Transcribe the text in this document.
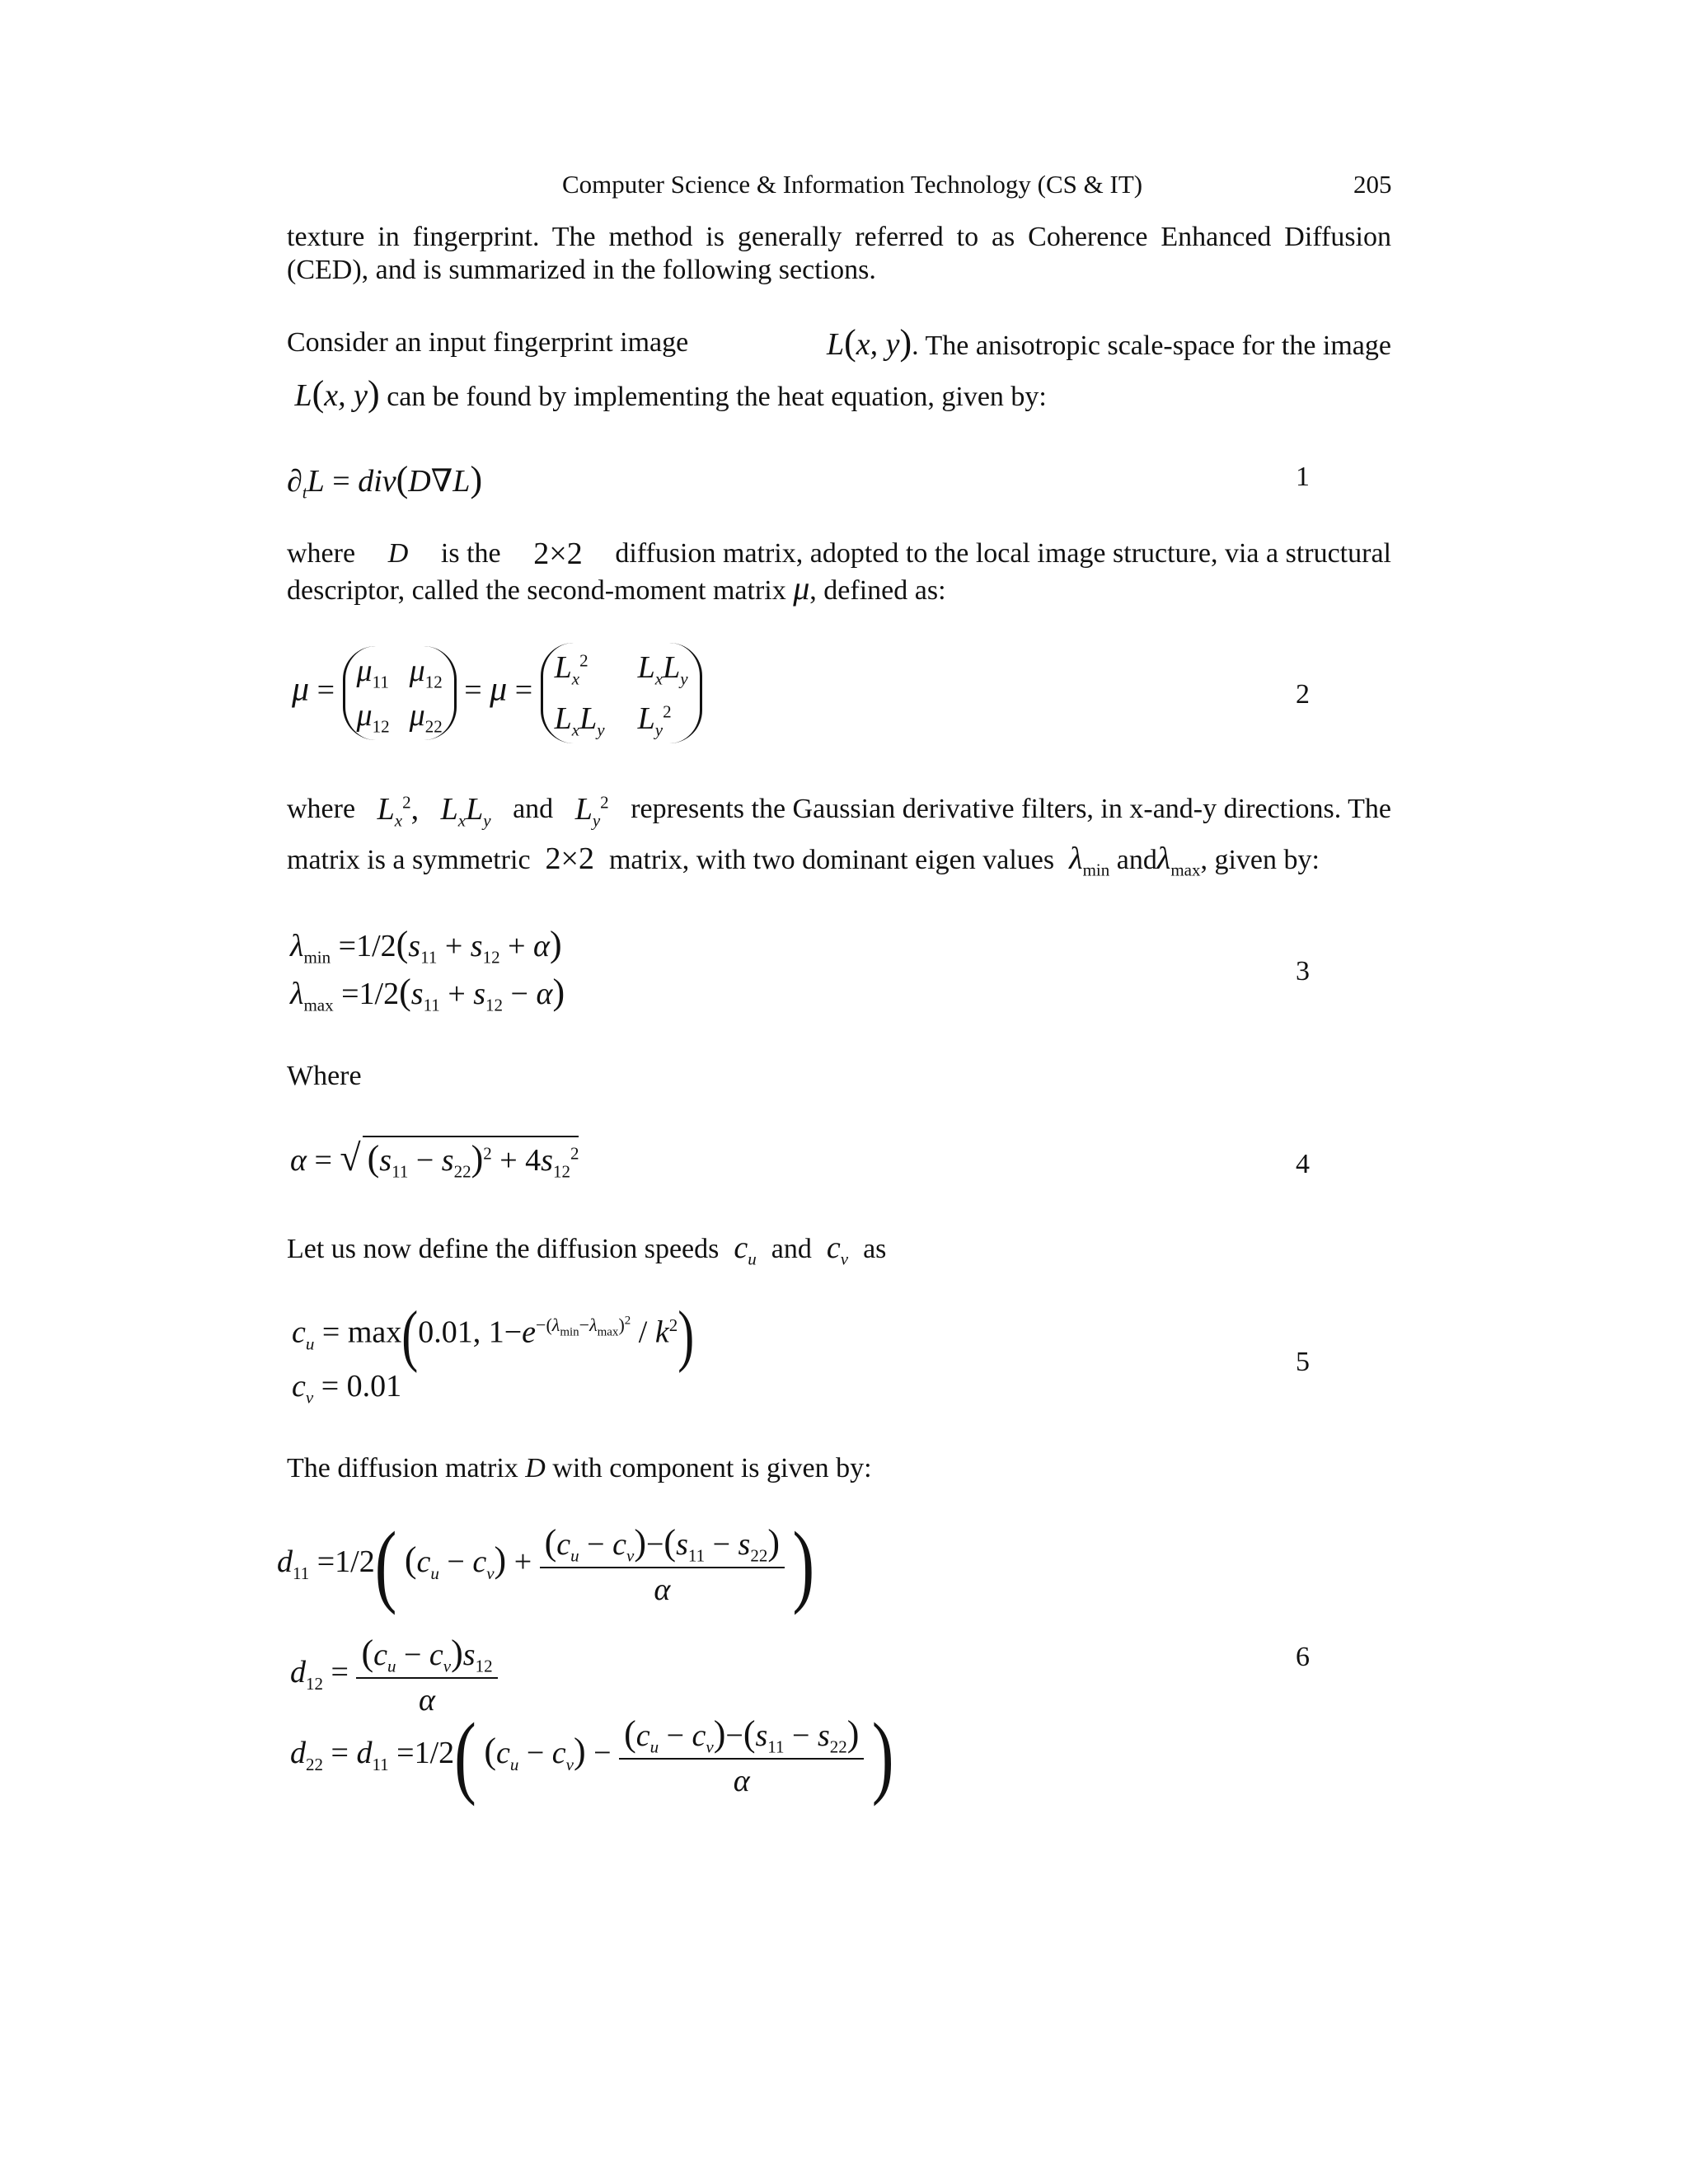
Computer Science & Information Technology (CS & IT)	205
texture in fingerprint. The method is generally referred to as Coherence Enhanced Diffusion
(CED), and is summarized in the following sections.
Consider an input fingerprint image	L(x, y). The anisotropic scale-space for the image
L(x, y) can be found by implementing the heat equation, given by:
$\partial_tL = div(D\nabla L)$	1
where D is the 2×2 diffusion matrix, adopted to the local image structure, via a structural
descriptor, called the second-moment matrix μ, defined as:
μ =
$\mu_{11}$ $\mu_{12}$
$\mu_{12}$ $\mu_{22}$
= μ =
$L_x^2$	$L_xL_y$
$L_xL_y$ $L_y^2$
2
where $L_x^2$, $L_xL_y$ and $L_y^2$ represents the Gaussian derivative filters, in x-and-y directions. The
matrix is a symmetric  2×2  matrix, with two dominant eigen values $\lambda_{min}$ andλ$_{max}$, given by:
$\lambda_{min} =1/2(s_{11} + s_{12} + \alpha)$
$\lambda_{max} =1/2(s_{11} + s_{12} - \alpha)$
3
Where
α = √ $(s_{11} - s_{22})^2 + 4s_{12}^2$	4
Let us now define the diffusion speeds $c_u$ and $c_v$ as
$c_u = \max(0.01$, $1-e^{-(\lambda_{min}-\lambda_{max})^2} / k^2$)
$c_v = 0.01$
5
The diffusion matrix D with component is given by:
$d_{11} =1/2$( $(c_u - c_v) + \frac{(c_u - c_v)-(s_{11} - s_{22})}{\alpha}$ )
$d_{12} = \frac{(c_u - c_v)s_{12}}{\alpha}$
$d_{22} = d_{11} =1/2$( $(c_u - c_v) - \frac{(c_u - c_v)-(s_{11} - s_{22})}{\alpha}$ )
6
